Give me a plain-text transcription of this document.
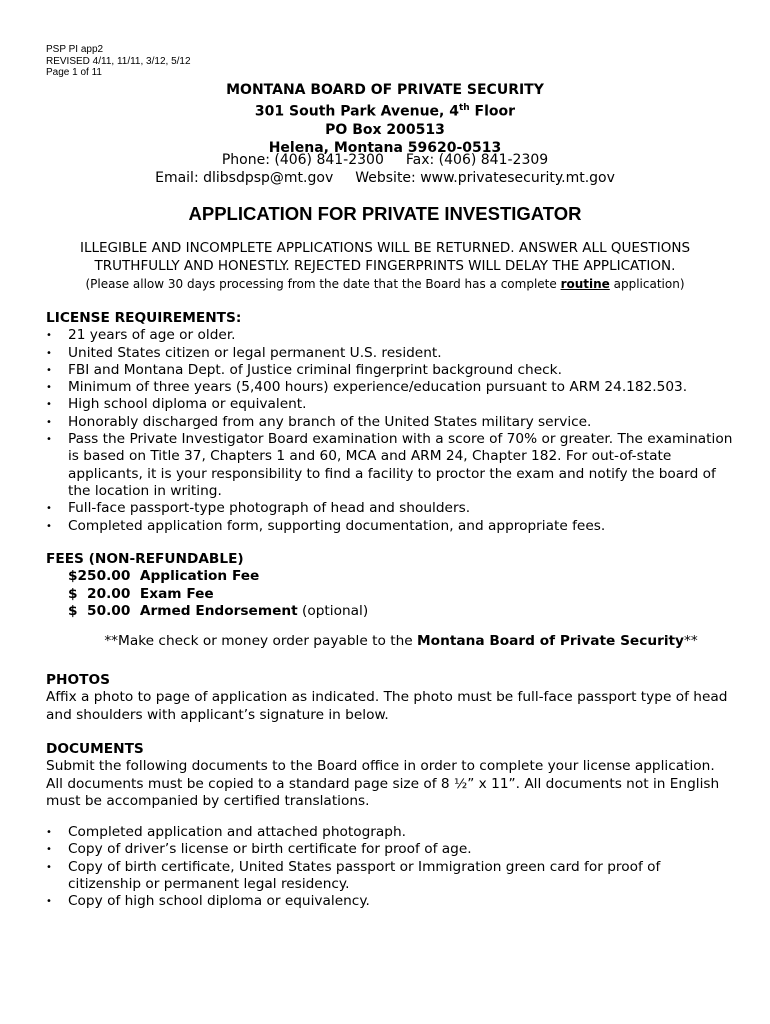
PSP PI app2
REVISED 4/11, 11/11, 3/12, 5/12
Page 1 of 11
MONTANA BOARD OF PRIVATE SECURITY
301 South Park Avenue, 4th Floor
PO Box 200513
Helena, Montana 59620-0513
Phone: (406) 841-2300 Fax: (406) 841-2309
Email: dlibsdpsp@mt.gov Website: www.privatesecurity.mt.gov
APPLICATION FOR PRIVATE INVESTIGATOR
ILLEGIBLE AND INCOMPLETE APPLICATIONS WILL BE RETURNED. ANSWER ALL QUESTIONS
TRUTHFULLY AND HONESTLY. REJECTED FINGERPRINTS WILL DELAY THE APPLICATION.
(Please allow 30 days processing from the date that the Board has a complete routine application)
LICENSE REQUIREMENTS:
• 21 years of age or older.
• United States citizen or legal permanent U.S. resident.
• FBI and Montana Dept. of Justice criminal fingerprint background check.
• Minimum of three years (5,400 hours) experience/education pursuant to ARM 24.182.503.
• High school diploma or equivalent.
• Honorably discharged from any branch of the United States military service.
• Pass the Private Investigator Board examination with a score of 70% or greater. The examination is based on Title 37, Chapters 1 and 60, MCA and ARM 24, Chapter 182. For out-of-state applicants, it is your responsibility to find a facility to proctor the exam and notify the board of the location in writing.
• Full-face passport-type photograph of head and shoulders.
• Completed application form, supporting documentation, and appropriate fees.
FEES (NON-REFUNDABLE)
$250.00 Application Fee
$  20.00 Exam Fee
$  50.00 Armed Endorsement (optional)
**Make check or money order payable to the Montana Board of Private Security**
PHOTOS
Affix a photo to page of application as indicated. The photo must be full-face passport type of head and shoulders with applicant’s signature in below.
DOCUMENTS
Submit the following documents to the Board office in order to complete your license application. All documents must be copied to a standard page size of 8 ½” x 11”. All documents not in English must be accompanied by certified translations.
• Completed application and attached photograph.
• Copy of driver’s license or birth certificate for proof of age.
• Copy of birth certificate, United States passport or Immigration green card for proof of citizenship or permanent legal residency.
• Copy of high school diploma or equivalency.
